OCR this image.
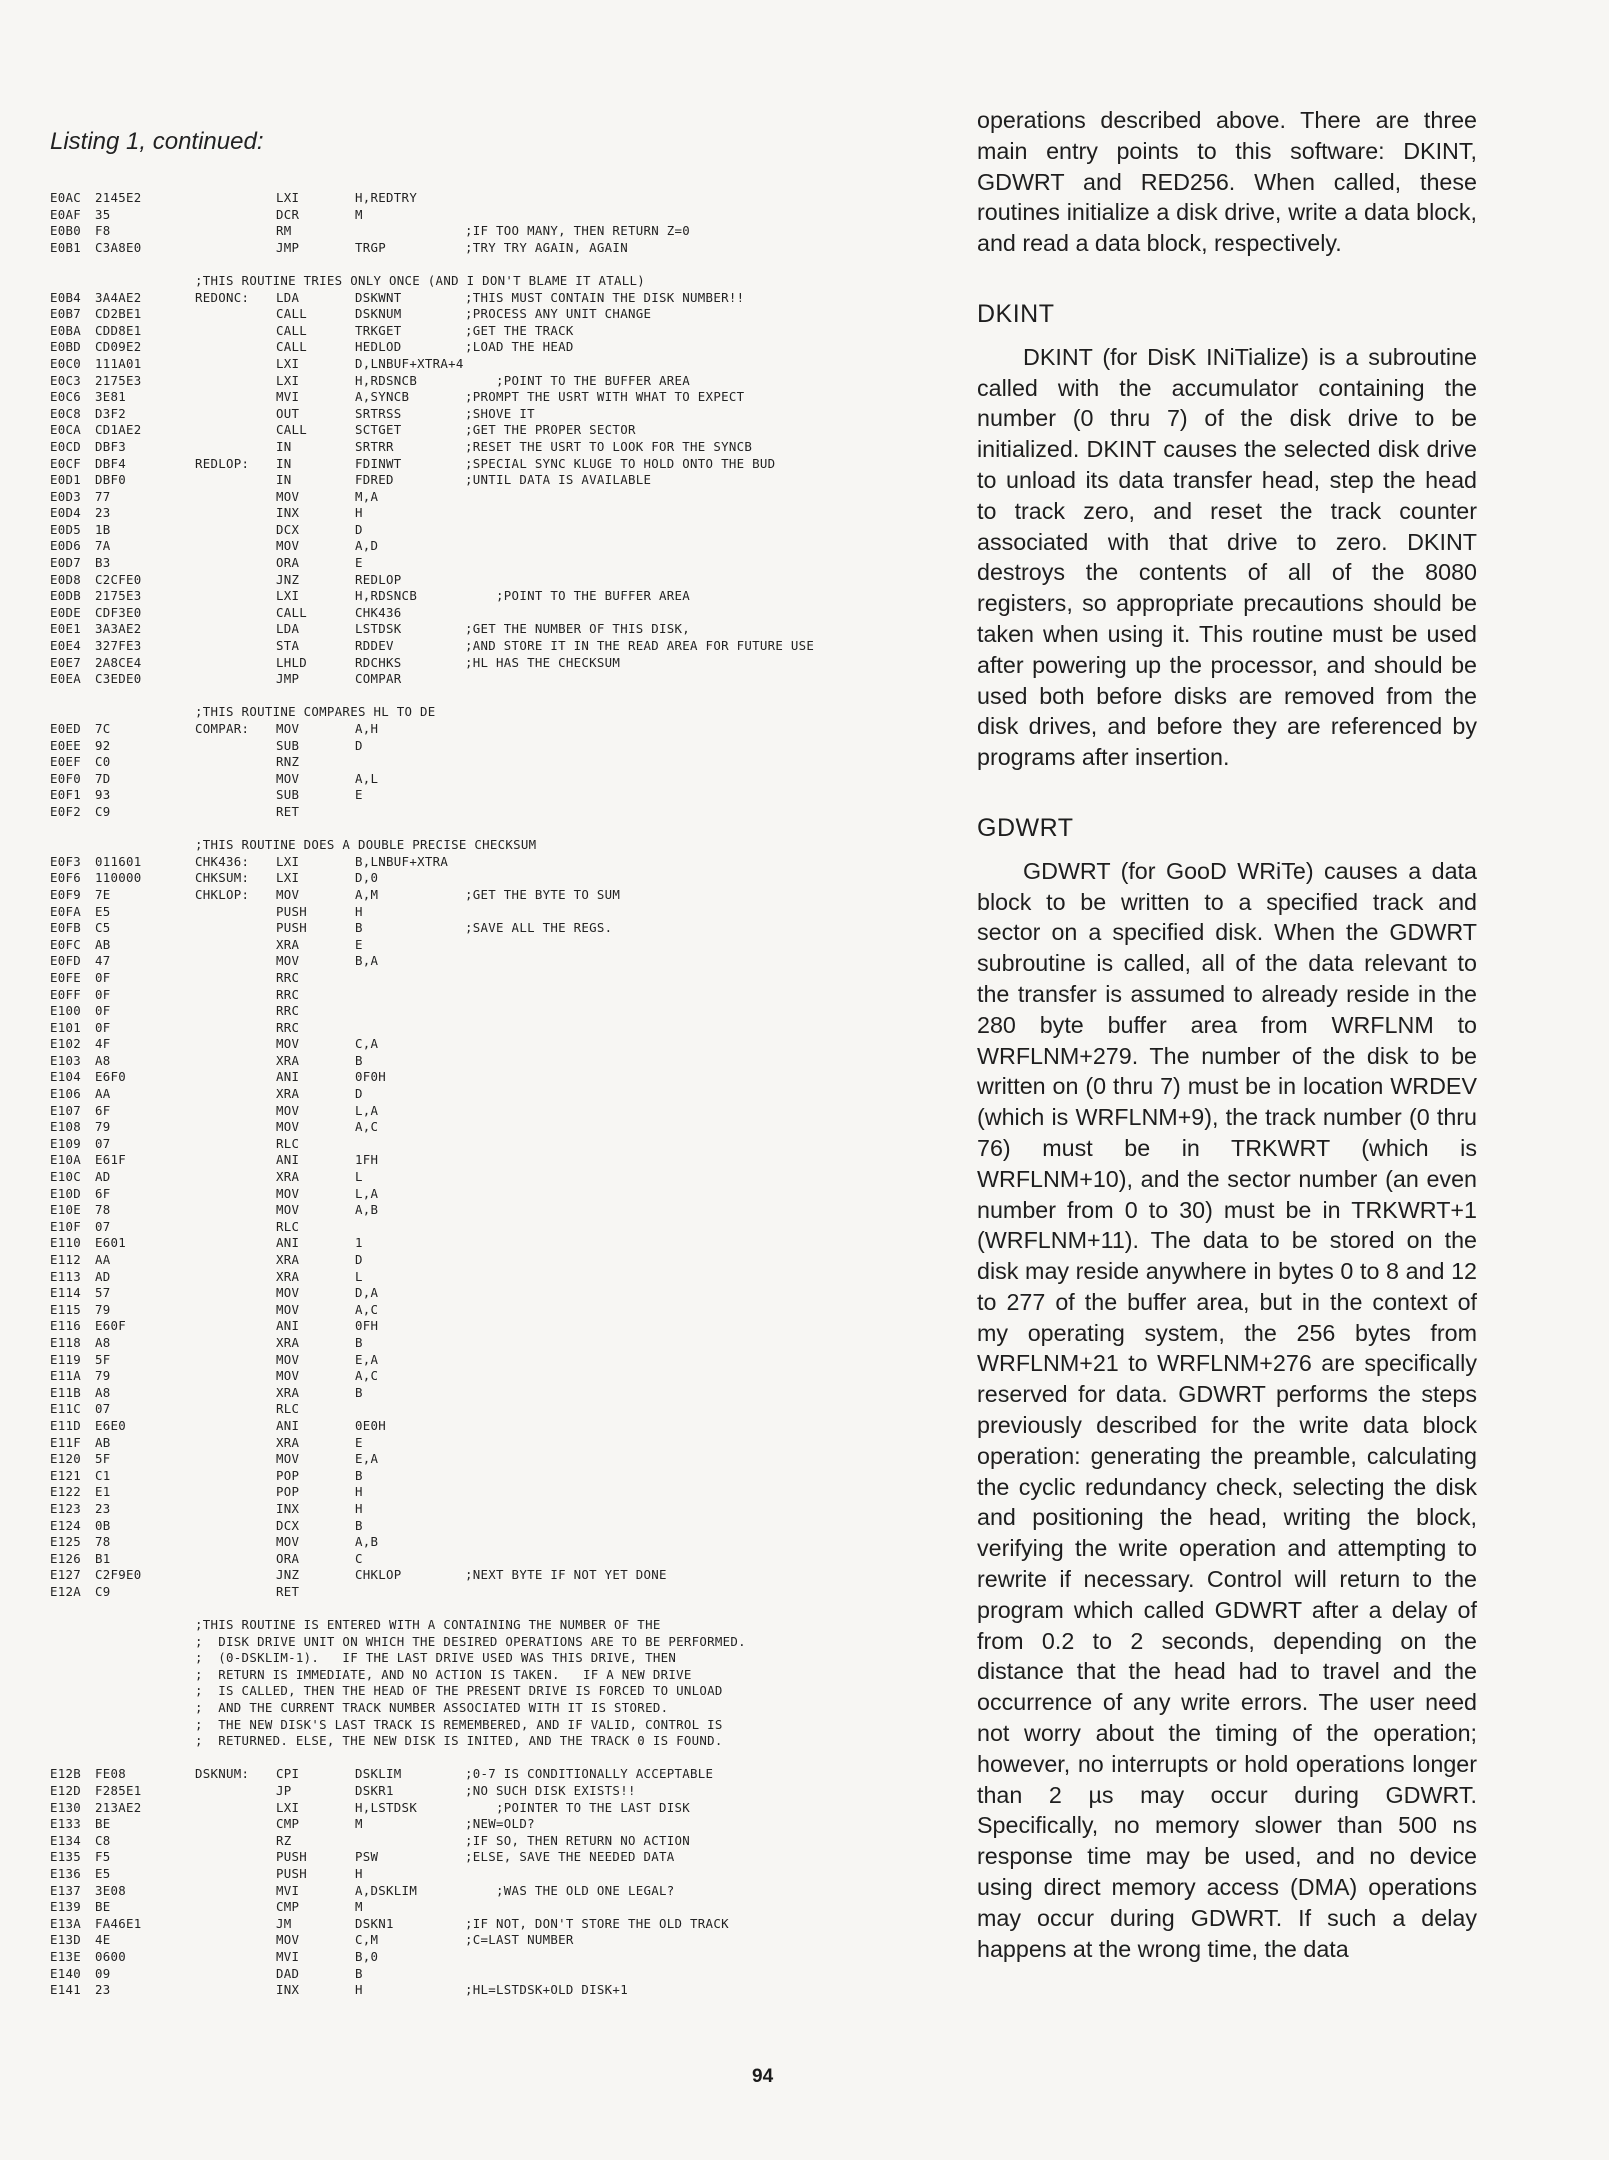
Listing 1, continued:
E0AC 2145E2	LXI	H,REDTRY
E0AF 35	DCR	M
E0B0 F8	RM	;IF TOO MANY, THEN RETURN Z=0
E0B1 C3A8E0	JMP	TRGP	;TRY TRY AGAIN, AGAIN
;THIS ROUTINE TRIES ONLY ONCE (AND I DON'T BLAME IT ATALL)
E0B4 3A4AE2	REDONC: LDA	DSKWNT	;THIS MUST CONTAIN THE DISK NUMBER!!
E0B7 CD2BE1	CALL	DSKNUM	;PROCESS ANY UNIT CHANGE
E0BA CDD8E1	CALL	TRKGET	;GET THE TRACK
E0BD CD09E2	CALL	HEDLOD	;LOAD THE HEAD
E0C0 111A01	LXI	D,LNBUF+XTRA+4
E0C3 2175E3	LXI	H,RDSNCB	;POINT TO THE BUFFER AREA
E0C6 3E81	MVI	A,SYNCB	;PROMPT THE USRT WITH WHAT TO EXPECT
E0C8 D3F2	OUT	SRTRSS	;SHOVE IT
E0CA CD1AE2	CALL	SCTGET	;GET THE PROPER SECTOR
E0CD DBF3	IN	SRTRR	;RESET THE USRT TO LOOK FOR THE SYNCB
E0CF DBF4	REDLOP: IN	FDINWT	;SPECIAL SYNC KLUGE TO HOLD ONTO THE BUD
E0D1 DBF0	IN	FDRED	;UNTIL DATA IS AVAILABLE
E0D3 77	MOV	M,A
E0D4 23	INX	H
E0D5 1B	DCX	D
E0D6 7A	MOV	A,D
E0D7 B3	ORA	E
E0D8 C2CFE0	JNZ	REDLOP
E0DB 2175E3	LXI	H,RDSNCB	;POINT TO THE BUFFER AREA
E0DE CDF3E0	CALL	CHK436
E0E1 3A3AE2	LDA	LSTDSK	;GET THE NUMBER OF THIS DISK,
E0E4 327FE3	STA	RDDEV	;AND STORE IT IN THE READ AREA FOR FUTURE USE
E0E7 2A8CE4	LHLD	RDCHKS	;HL HAS THE CHECKSUM
E0EA C3EDE0	JMP	COMPAR
;THIS ROUTINE COMPARES HL TO DE
E0ED 7C	COMPAR: MOV	A,H
E0EE 92	SUB	D
E0EF C0	RNZ
E0F0 7D	MOV	A,L
E0F1 93	SUB	E
E0F2 C9	RET
;THIS ROUTINE DOES A DOUBLE PRECISE CHECKSUM
E0F3 011601	CHK436: LXI	B,LNBUF+XTRA
E0F6 110000	CHKSUM: LXI	D,0
E0F9 7E	CHKLOP: MOV	A,M	;GET THE BYTE TO SUM
E0FA E5	PUSH	H
E0FB C5	PUSH	B	;SAVE ALL THE REGS.
E0FC AB	XRA	E
E0FD 47	MOV	B,A
E0FE 0F	RRC
E0FF 0F	RRC
E100 0F	RRC
E101 0F	RRC
E102 4F	MOV	C,A
E103 A8	XRA	B
E104 E6F0	ANI	0F0H
E106 AA	XRA	D
E107 6F	MOV	L,A
E108 79	MOV	A,C
E109 07	RLC
E10A E61F	ANI	1FH
E10C AD	XRA	L
E10D 6F	MOV	L,A
E10E 78	MOV	A,B
E10F 07	RLC
E110 E601	ANI	1
E112 AA	XRA	D
E113 AD	XRA	L
E114 57	MOV	D,A
E115 79	MOV	A,C
E116 E60F	ANI	0FH
E118 A8	XRA	B
E119 5F	MOV	E,A
E11A 79	MOV	A,C
E11B A8	XRA	B
E11C 07	RLC
E11D E6E0	ANI	0E0H
E11F AB	XRA	E
E120 5F	MOV	E,A
E121 C1	POP	B
E122 E1	POP	H
E123 23	INX	H
E124 0B	DCX	B
E125 78	MOV	A,B
E126 B1	ORA	C
E127 C2F9E0	JNZ	CHKLOP	;NEXT BYTE IF NOT YET DONE
E12A C9	RET
;THIS ROUTINE IS ENTERED WITH A CONTAINING THE NUMBER OF THE
;  DISK DRIVE UNIT ON WHICH THE DESIRED OPERATIONS ARE TO BE PERFORMED.
;  (0-DSKLIM-1).   IF THE LAST DRIVE USED WAS THIS DRIVE, THEN
;  RETURN IS IMMEDIATE, AND NO ACTION IS TAKEN.   IF A NEW DRIVE
;  IS CALLED, THEN THE HEAD OF THE PRESENT DRIVE IS FORCED TO UNLOAD
;  AND THE CURRENT TRACK NUMBER ASSOCIATED WITH IT IS STORED.
;  THE NEW DISK'S LAST TRACK IS REMEMBERED, AND IF VALID, CONTROL IS
;  RETURNED. ELSE, THE NEW DISK IS INITED, AND THE TRACK 0 IS FOUND.
E12B FE08	DSKNUM: CPI	DSKLIM	;0-7 IS CONDITIONALLY ACCEPTABLE
E12D F285E1	JP	DSKR1	;NO SUCH DISK EXISTS!!
E130 213AE2	LXI	H,LSTDSK	;POINTER TO THE LAST DISK
E133 BE	CMP	M	;NEW=OLD?
E134 C8	RZ	;IF SO, THEN RETURN NO ACTION
E135 F5	PUSH	PSW	;ELSE, SAVE THE NEEDED DATA
E136 E5	PUSH	H
E137 3E08	MVI	A,DSKLIM	;WAS THE OLD ONE LEGAL?
E139 BE	CMP	M
E13A FA46E1	JM	DSKN1	;IF NOT, DON'T STORE THE OLD TRACK
E13D 4E	MOV	C,M	;C=LAST NUMBER
E13E 0600	MVI	B,0
E140 09	DAD	B
E141 23	INX	H	;HL=LSTDSK+OLD DISK+1

operations described above. There are three main entry points to this software: DKINT, GDWRT and RED256. When called, these routines initialize a disk drive, write a data block, and read a data block, respectively.

DKINT

DKINT (for DisK INiTialize) is a subroutine called with the accumulator containing the number (0 thru 7) of the disk drive to be initialized. DKINT causes the selected disk drive to unload its data transfer head, step the head to track zero, and reset the track counter associated with that drive to zero. DKINT destroys the contents of all of the 8080 registers, so appropriate precautions should be taken when using it. This routine must be used after powering up the processor, and should be used both before disks are removed from the disk drives, and before they are referenced by programs after insertion.

GDWRT

GDWRT (for GooD WRiTe) causes a data block to be written to a specified track and sector on a specified disk. When the GDWRT subroutine is called, all of the data relevant to the transfer is assumed to already reside in the 280 byte buffer area from WRFLNM to WRFLNM+279. The number of the disk to be written on (0 thru 7) must be in location WRDEV (which is WRFLNM+9), the track number (0 thru 76) must be in TRKWRT (which is WRFLNM+10), and the sector number (an even number from 0 to 30) must be in TRKWRT+1 (WRFLNM+11). The data to be stored on the disk may reside anywhere in bytes 0 to 8 and 12 to 277 of the buffer area, but in the context of my operating system, the 256 bytes from WRFLNM+21 to WRFLNM+276 are specifically reserved for data. GDWRT performs the steps previously described for the write data block operation: generating the preamble, calculating the cyclic redundancy check, selecting the disk and positioning the head, writing the block, verifying the write operation and attempting to rewrite if necessary. Control will return to the program which called GDWRT after a delay of from 0.2 to 2 seconds, depending on the distance that the head had to travel and the occurrence of any write errors. The user need not worry about the timing of the operation; however, no interrupts or hold operations longer than 2 µs may occur during GDWRT. Specifically, no memory slower than 500 ns response time may be used, and no device using direct memory access (DMA) operations may occur during GDWRT. If such a delay happens at the wrong time, the data

94
